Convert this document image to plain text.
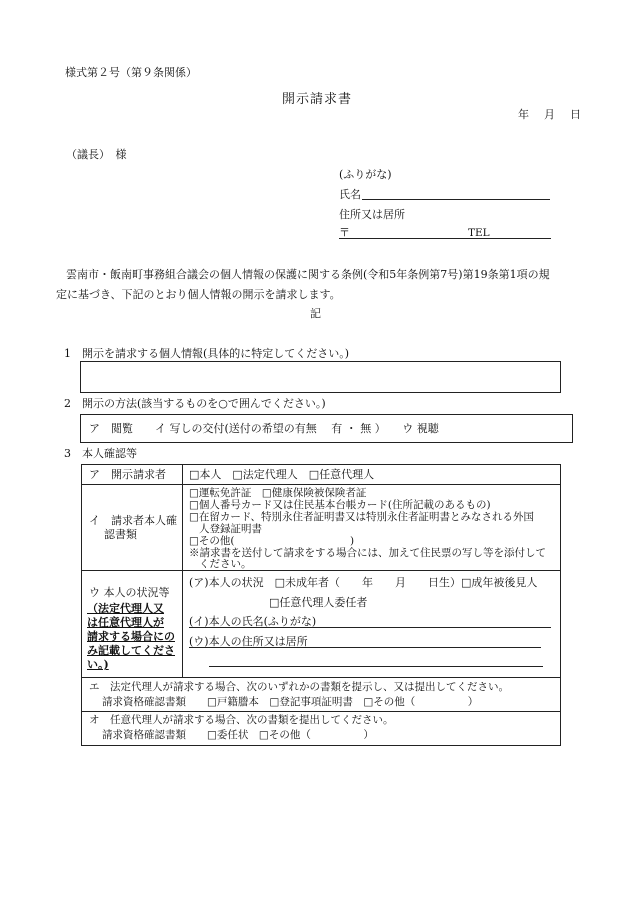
様式第２号（第９条関係）
開示請求書
年　月　日
（議長）　様
(ふりがな)
氏名
住所又は居所
〒	TEL
雲南市・飯南町事務組合議会の個人情報の保護に関する条例(令和5年条例第7号)第19条第1項の規
定に基づき、下記のとおり個人情報の開示を請求します。
記
1　開示を請求する個人情報(具体的に特定してください。)
2　開示の方法(該当するものを○で囲んでください。)
ア　閲覧　　イ 写しの交付(送付の希望の有無　 有 ・ 無 ）　　ウ 視聴
3　本人確認等
ア　開示請求者 □本人　□法定代理人　□任意代理人
イ　請求者本人確
認書類
□運転免許証　□健康保険被保険者証
□個人番号カード又は住民基本台帳カード(住所記載のあるもの)
□在留カード、特別永住者証明書又は特別永住者証明書とみなされる外国
人登録証明書
□その他(　　　　　　　　　　　)
※請求書を送付して請求をする場合には、加えて住民票の写し等を添付して
ください。
ウ 本人の状況等
（法定代理人又
は任意代理人が
請求する場合にの
み記載してくださ
い。)
(ア)本人の状況　□未成年者（　　年　　月　　日生）□成年被後見人
□任意代理人委任者
(イ)本人の氏名(ふりがな)
(ウ)本人の住所又は居所
エ　法定代理人が請求する場合、次のいずれかの書類を提示し、又は提出してください。
請求資格確認書類　　□戸籍謄本　□登記事項証明書　□その他（　　　　　）
オ　任意代理人が請求する場合、次の書類を提出してください。
請求資格確認書類　　□委任状　□その他（　　　　　）
